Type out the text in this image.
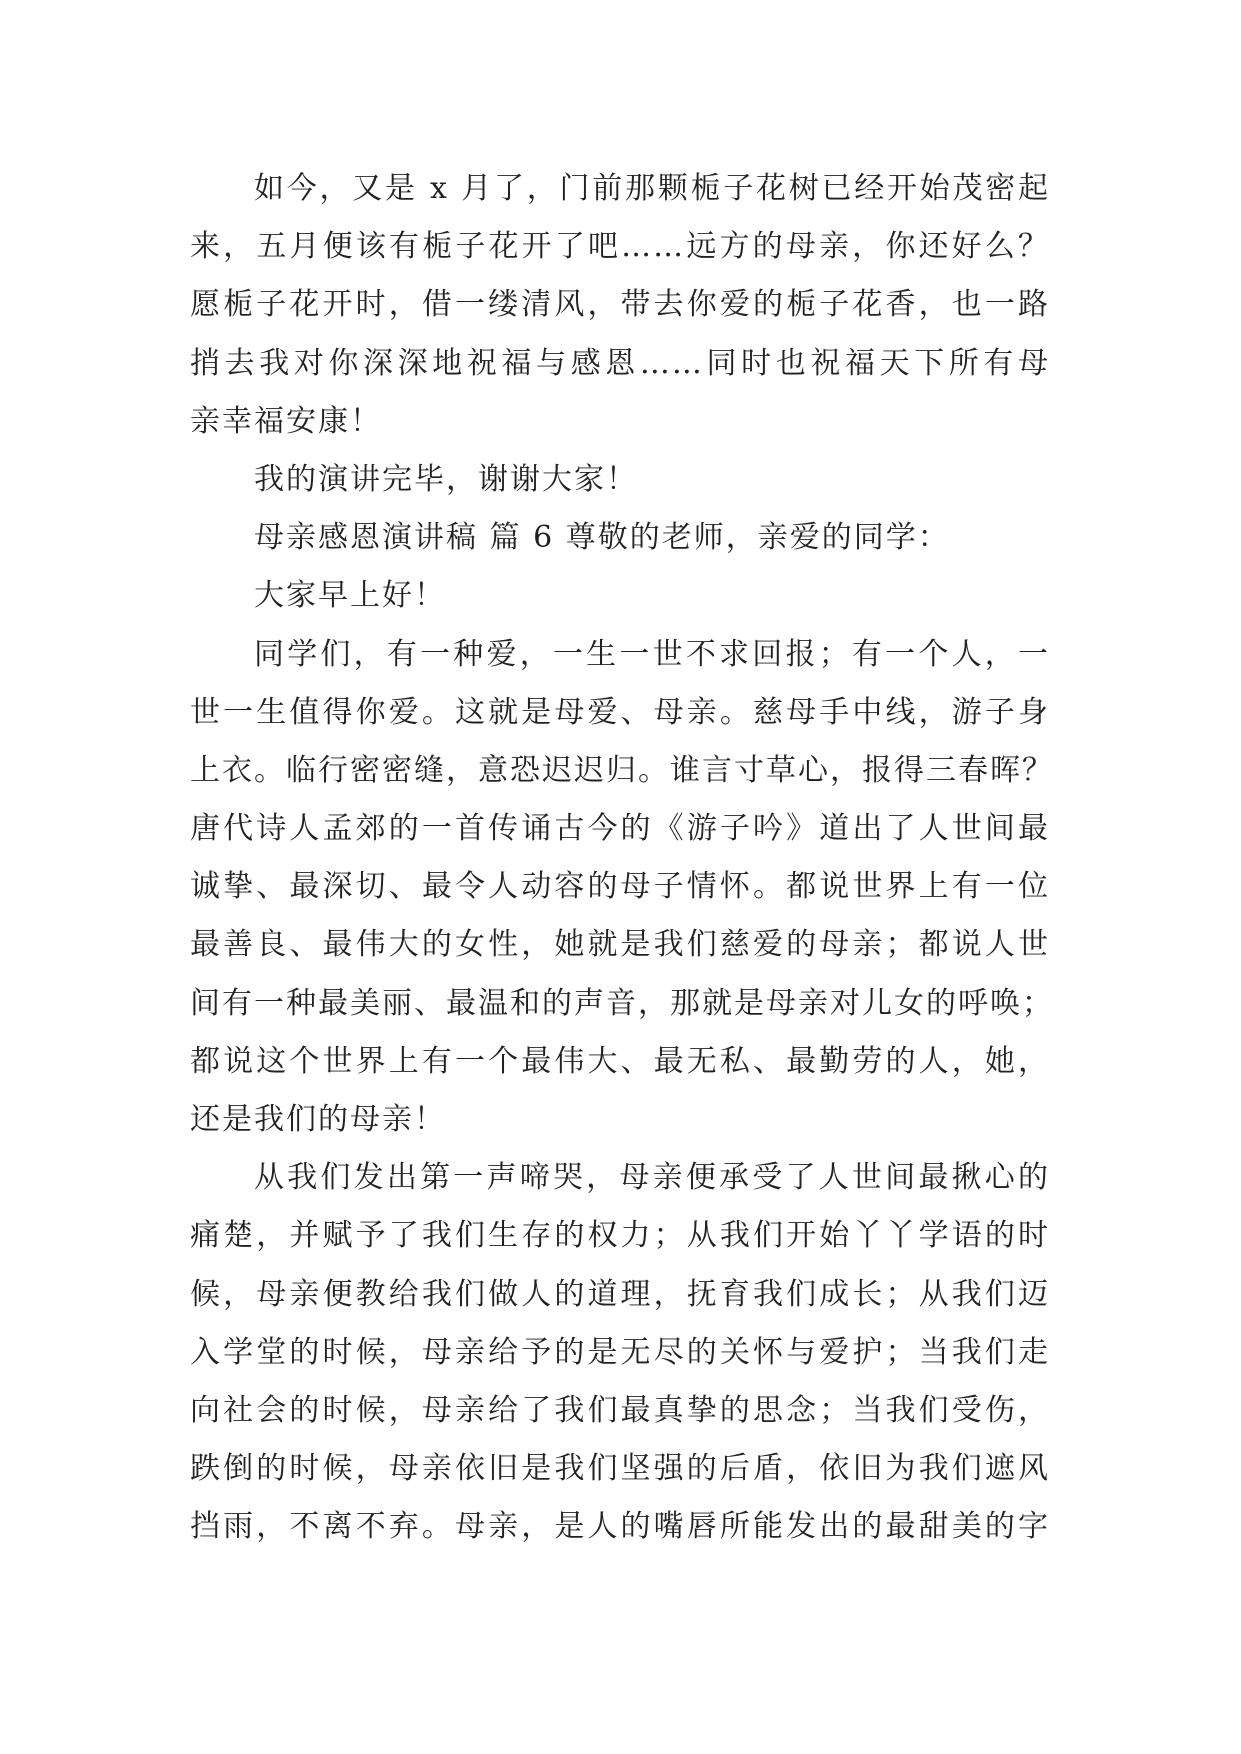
如今，又是 x 月了，门前那颗栀子花树已经开始茂密起
来，五月便该有栀子花开了吧……远方的母亲，你还好么？
愿栀子花开时，借一缕清风，带去你爱的栀子花香，也一路
捎去我对你深深地祝福与感恩……同时也祝福天下所有母
亲幸福安康！
我的演讲完毕，谢谢大家！
母亲感恩演讲稿 篇 6 尊敬的老师，亲爱的同学：
大家早上好！
同学们，有一种爱，一生一世不求回报；有一个人，一
世一生值得你爱。这就是母爱、母亲。慈母手中线，游子身
上衣。临行密密缝，意恐迟迟归。谁言寸草心，报得三春晖？
唐代诗人孟郊的一首传诵古今的《游子吟》道出了人世间最
诚挚、最深切、最令人动容的母子情怀。都说世界上有一位
最善良、最伟大的女性，她就是我们慈爱的母亲；都说人世
间有一种最美丽、最温和的声音，那就是母亲对儿女的呼唤；
都说这个世界上有一个最伟大、最无私、最勤劳的人，她，
还是我们的母亲！
从我们发出第一声啼哭，母亲便承受了人世间最揪心的
痛楚，并赋予了我们生存的权力；从我们开始丫丫学语的时
候，母亲便教给我们做人的道理，抚育我们成长；从我们迈
入学堂的时候，母亲给予的是无尽的关怀与爱护；当我们走
向社会的时候，母亲给了我们最真挚的思念；当我们受伤，
跌倒的时候，母亲依旧是我们坚强的后盾，依旧为我们遮风
挡雨，不离不弃。母亲，是人的嘴唇所能发出的最甜美的字
